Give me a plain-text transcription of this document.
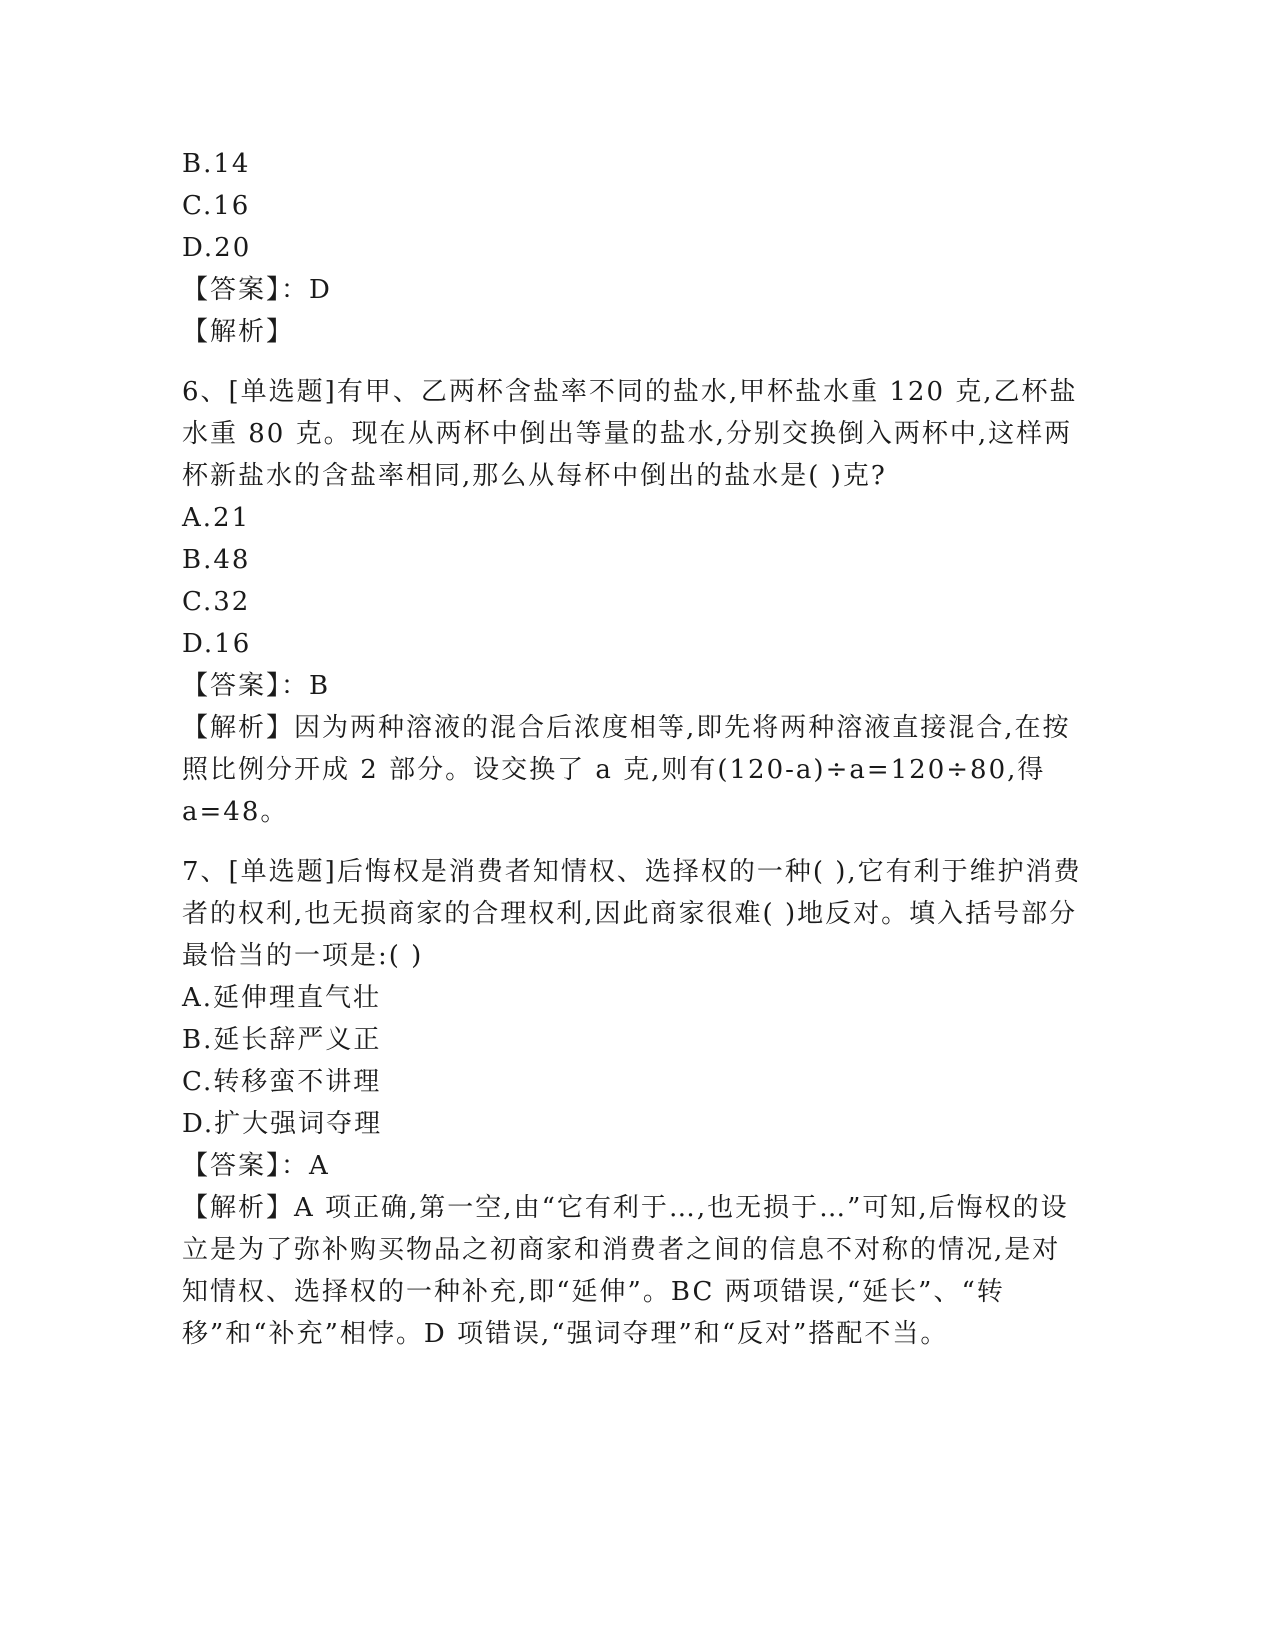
B.14
C.16
D.20
【答案】：D
【解析】

6、[单选题]有甲、乙两杯含盐率不同的盐水,甲杯盐水重 120 克,乙杯盐水重 80 克。现在从两杯中倒出等量的盐水,分别交换倒入两杯中,这样两杯新盐水的含盐率相同,那么从每杯中倒出的盐水是( )克?

A.21
B.48
C.32
D.16
【答案】：B

【解析】因为两种溶液的混合后浓度相等,即先将两种溶液直接混合,在按照比例分开成 2 部分。设交换了 a 克,则有(120-a)÷a=120÷80,得 a=48。

7、[单选题]后悔权是消费者知情权、选择权的一种( ),它有利于维护消费者的权利,也无损商家的合理权利,因此商家很难( )地反对。填入括号部分最恰当的一项是:( )

A.延伸理直气壮
B.延长辞严义正
C.转移蛮不讲理
D.扩大强词夺理
【答案】：A

【解析】A 项正确,第一空,由“它有利于…,也无损于…”可知,后悔权的设立是为了弥补购买物品之初商家和消费者之间的信息不对称的情况,是对知情权、选择权的一种补充,即“延伸”。BC 两项错误,“延长”、“转移”和“补充”相悖。D 项错误,“强词夺理”和“反对”搭配不当。
